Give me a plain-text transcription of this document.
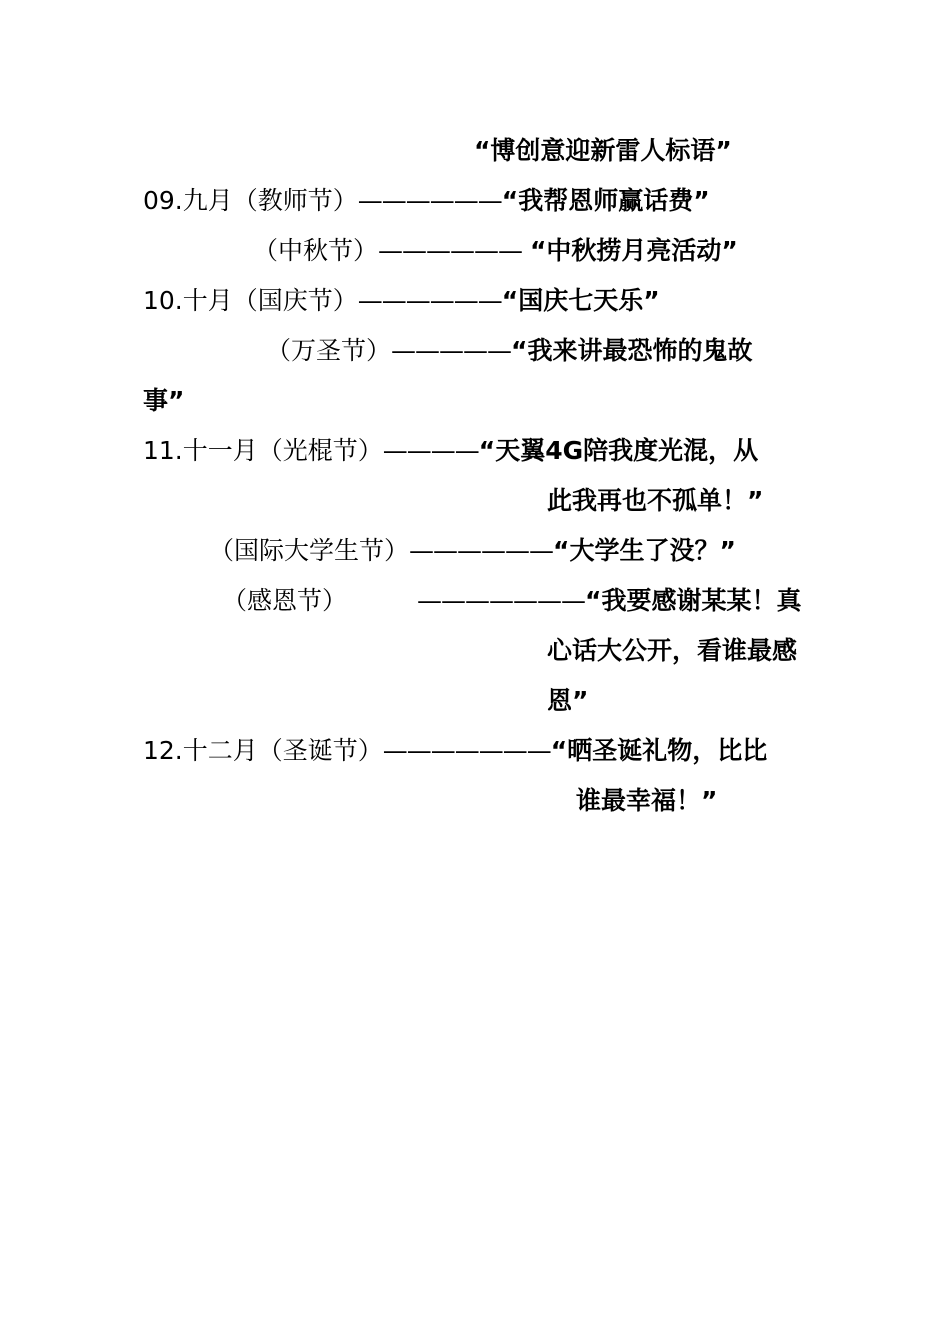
“博创意迎新雷人标语”
09.九月（教师节）——————“我帮恩师赢话费”
（中秋节）—————— “中秋捞月亮活动”
10.十月（国庆节）——————“国庆七天乐”
（万圣节）—————“我来讲最恐怖的鬼故
事”
11.十一月（光棍节）————“天翼4G陪我度光混，从
此我再也不孤单！”
（国际大学生节）——————“大学生了没？”
（感恩节）	———————“我要感谢某某！真
心话大公开，看谁最感
恩”
12.十二月（圣诞节）———————“晒圣诞礼物，比比
谁最幸福！”
